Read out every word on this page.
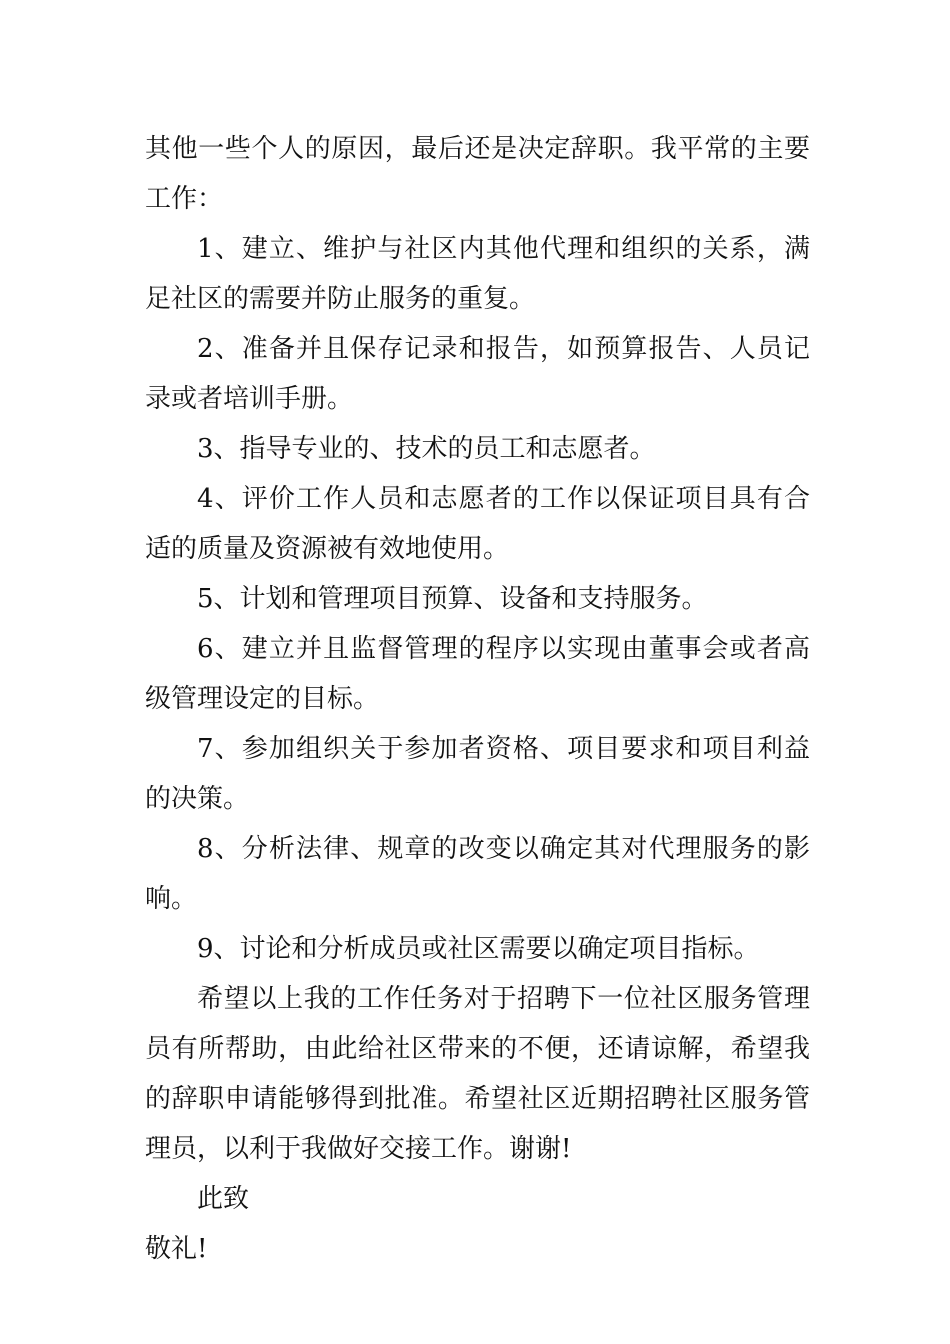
其他一些个人的原因，最后还是决定辞职。我平常的主要工作：

1、建立、维护与社区内其他代理和组织的关系，满足社区的需要并防止服务的重复。

2、准备并且保存记录和报告，如预算报告、人员记录或者培训手册。

3、指导专业的、技术的员工和志愿者。

4、评价工作人员和志愿者的工作以保证项目具有合适的质量及资源被有效地使用。

5、计划和管理项目预算、设备和支持服务。

6、建立并且监督管理的程序以实现由董事会或者高级管理设定的目标。

7、参加组织关于参加者资格、项目要求和项目利益的决策。

8、分析法律、规章的改变以确定其对代理服务的影响。

9、讨论和分析成员或社区需要以确定项目指标。

希望以上我的工作任务对于招聘下一位社区服务管理员有所帮助，由此给社区带来的不便，还请谅解，希望我的辞职申请能够得到批准。希望社区近期招聘社区服务管理员，以利于我做好交接工作。谢谢!

此致

敬礼!
